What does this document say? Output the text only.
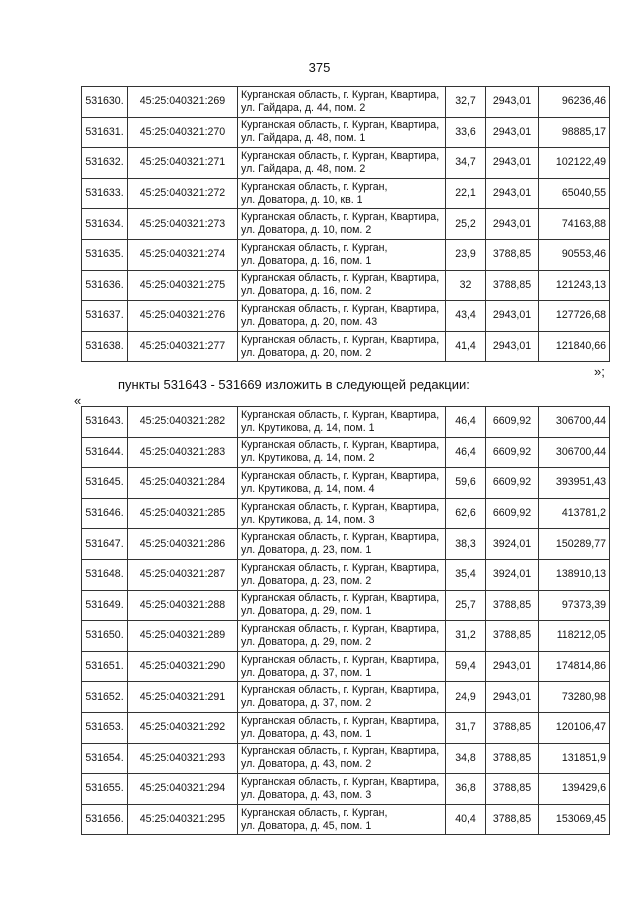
375
531630.	45:25:040321:269	Курганская область, г. Курган, Квартира,
ул. Гайдара, д. 44, пом. 2	32,7	2943,01	96236,46
531631.	45:25:040321:270	Курганская область, г. Курган, Квартира,
ул. Гайдара, д. 48, пом. 1	33,6	2943,01	98885,17
531632.	45:25:040321:271	Курганская область, г. Курган, Квартира,
ул. Гайдара, д. 48, пом. 2	34,7	2943,01	102122,49
531633.	45:25:040321:272	Курганская область, г. Курган,
ул. Доватора, д. 10, кв. 1	22,1	2943,01	65040,55
531634.	45:25:040321:273	Курганская область, г. Курган, Квартира,
ул. Доватора, д. 10, пом. 2	25,2	2943,01	74163,88
531635.	45:25:040321:274	Курганская область, г. Курган,
ул. Доватора, д. 16, пом. 1	23,9	3788,85	90553,46
531636.	45:25:040321:275	Курганская область, г. Курган, Квартира,
ул. Доватора, д. 16, пом. 2	32	3788,85	121243,13
531637.	45:25:040321:276	Курганская область, г. Курган, Квартира,
ул. Доватора, д. 20, пом. 43	43,4	2943,01	127726,68
531638.	45:25:040321:277	Курганская область, г. Курган, Квартира,
ул. Доватора, д. 20, пом. 2	41,4	2943,01	121840,66
»;
пункты 531643 - 531669 изложить в следующей редакции:
«
531643.	45:25:040321:282	Курганская область, г. Курган, Квартира,
ул. Крутикова, д. 14, пом. 1	46,4	6609,92	306700,44
531644.	45:25:040321:283	Курганская область, г. Курган, Квартира,
ул. Крутикова, д. 14, пом. 2	46,4	6609,92	306700,44
531645.	45:25:040321:284	Курганская область, г. Курган, Квартира,
ул. Крутикова, д. 14, пом. 4	59,6	6609,92	393951,43
531646.	45:25:040321:285	Курганская область, г. Курган, Квартира,
ул. Крутикова, д. 14, пом. 3	62,6	6609,92	413781,2
531647.	45:25:040321:286	Курганская область, г. Курган, Квартира,
ул. Доватора, д. 23, пом. 1	38,3	3924,01	150289,77
531648.	45:25:040321:287	Курганская область, г. Курган, Квартира,
ул. Доватора, д. 23, пом. 2	35,4	3924,01	138910,13
531649.	45:25:040321:288	Курганская область, г. Курган, Квартира,
ул. Доватора, д. 29, пом. 1	25,7	3788,85	97373,39
531650.	45:25:040321:289	Курганская область, г. Курган, Квартира,
ул. Доватора, д. 29, пом. 2	31,2	3788,85	118212,05
531651.	45:25:040321:290	Курганская область, г. Курган, Квартира,
ул. Доватора, д. 37, пом. 1	59,4	2943,01	174814,86
531652.	45:25:040321:291	Курганская область, г. Курган, Квартира,
ул. Доватора, д. 37, пом. 2	24,9	2943,01	73280,98
531653.	45:25:040321:292	Курганская область, г. Курган, Квартира,
ул. Доватора, д. 43, пом. 1	31,7	3788,85	120106,47
531654.	45:25:040321:293	Курганская область, г. Курган, Квартира,
ул. Доватора, д. 43, пом. 2	34,8	3788,85	131851,9
531655.	45:25:040321:294	Курганская область, г. Курган, Квартира,
ул. Доватора, д. 43, пом. 3	36,8	3788,85	139429,6
531656.	45:25:040321:295	Курганская область, г. Курган,
ул. Доватора, д. 45, пом. 1	40,4	3788,85	153069,45
